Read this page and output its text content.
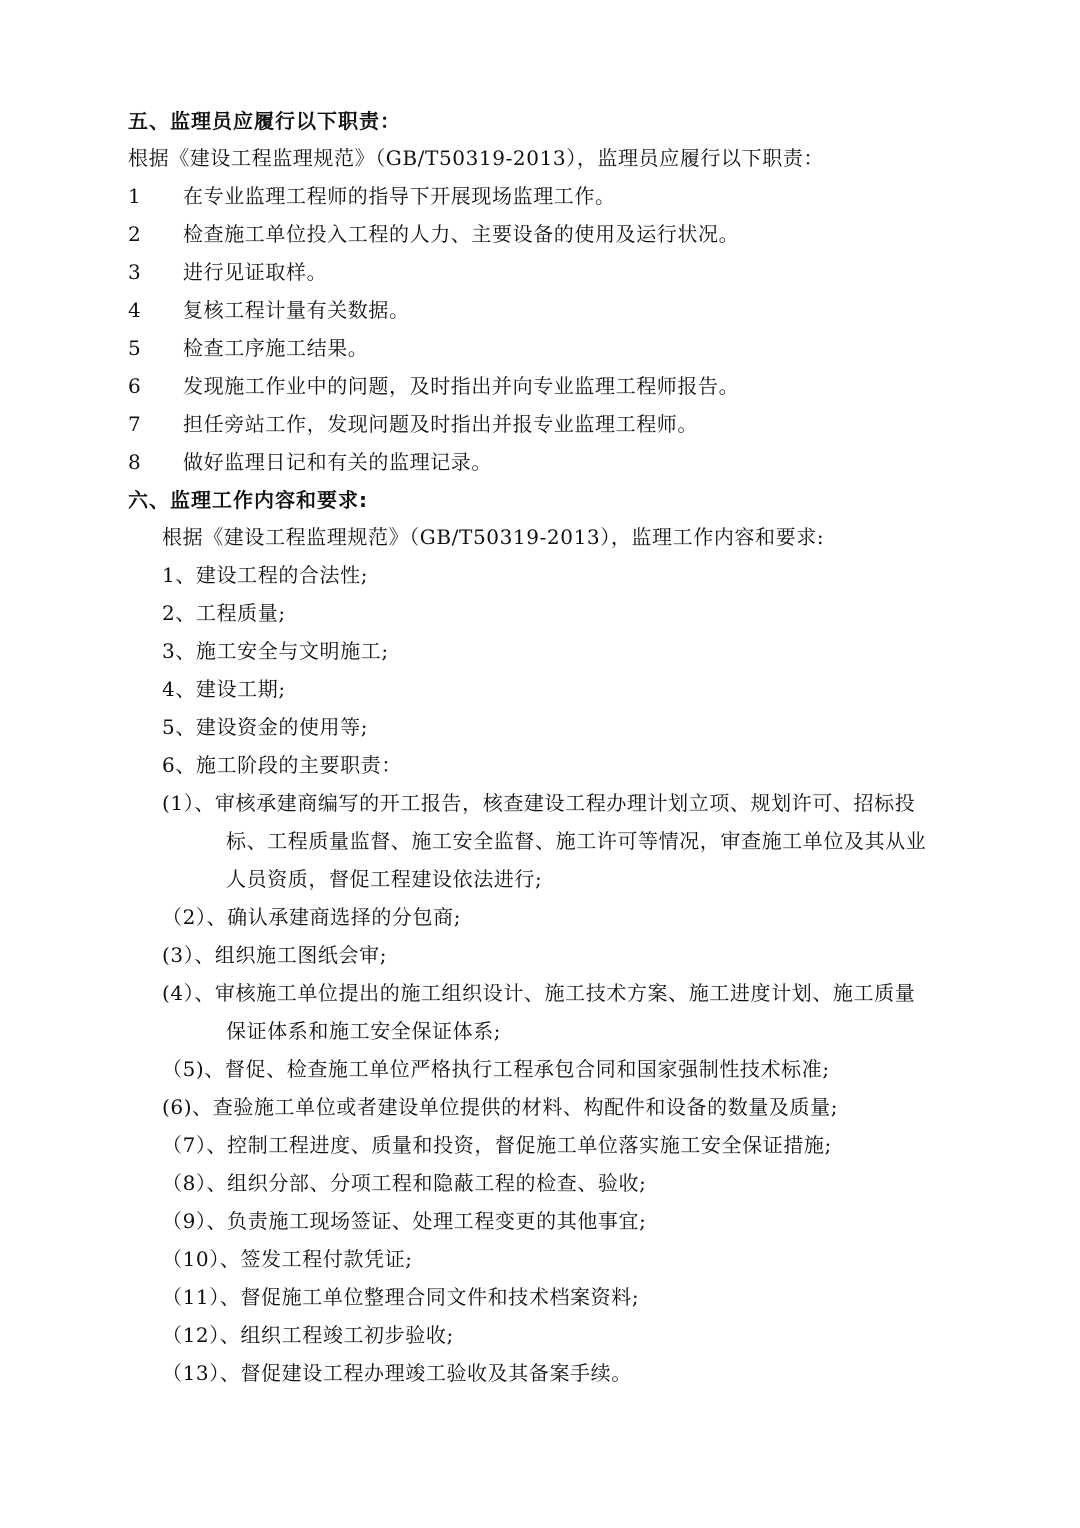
五、监理员应履行以下职责：
根据《建设工程监理规范》（GB/T50319-2013），监理员应履行以下职责：
1	在专业监理工程师的指导下开展现场监理工作。
2	检查施工单位投入工程的人力、主要设备的使用及运行状况。
3	进行见证取样。
4	复核工程计量有关数据。
5	检查工序施工结果。
6	发现施工作业中的问题，及时指出并向专业监理工程师报告。
7	担任旁站工作，发现问题及时指出并报专业监理工程师。
8	做好监理日记和有关的监理记录。
六、监理工作内容和要求:
根据《建设工程监理规范》（GB/T50319-2013），监理工作内容和要求:
1、建设工程的合法性;
2、工程质量;
3、施工安全与文明施工;
4、建设工期;
5、建设资金的使用等;
6、施工阶段的主要职责：
(1）、审核承建商编写的开工报告，核查建设工程办理计划立项、规划许可、招标投
标、工程质量监督、施工安全监督、施工许可等情况，审查施工单位及其从业
人员资质，督促工程建设依法进行;
（2）、确认承建商选择的分包商;
(3）、组织施工图纸会审;
(4）、审核施工单位提出的施工组织设计、施工技术方案、施工进度计划、施工质量
保证体系和施工安全保证体系;
（5)、督促、检查施工单位严格执行工程承包合同和国家强制性技术标准;
(6)、查验施工单位或者建设单位提供的材料、构配件和设备的数量及质量;
（7）、控制工程进度、质量和投资，督促施工单位落实施工安全保证措施;
（8）、组织分部、分项工程和隐蔽工程的检查、验收;
（9）、负责施工现场签证、处理工程变更的其他事宜;
（10）、签发工程付款凭证;
（11）、督促施工单位整理合同文件和技术档案资料;
（12）、组织工程竣工初步验收;
（13）、督促建设工程办理竣工验收及其备案手续。
